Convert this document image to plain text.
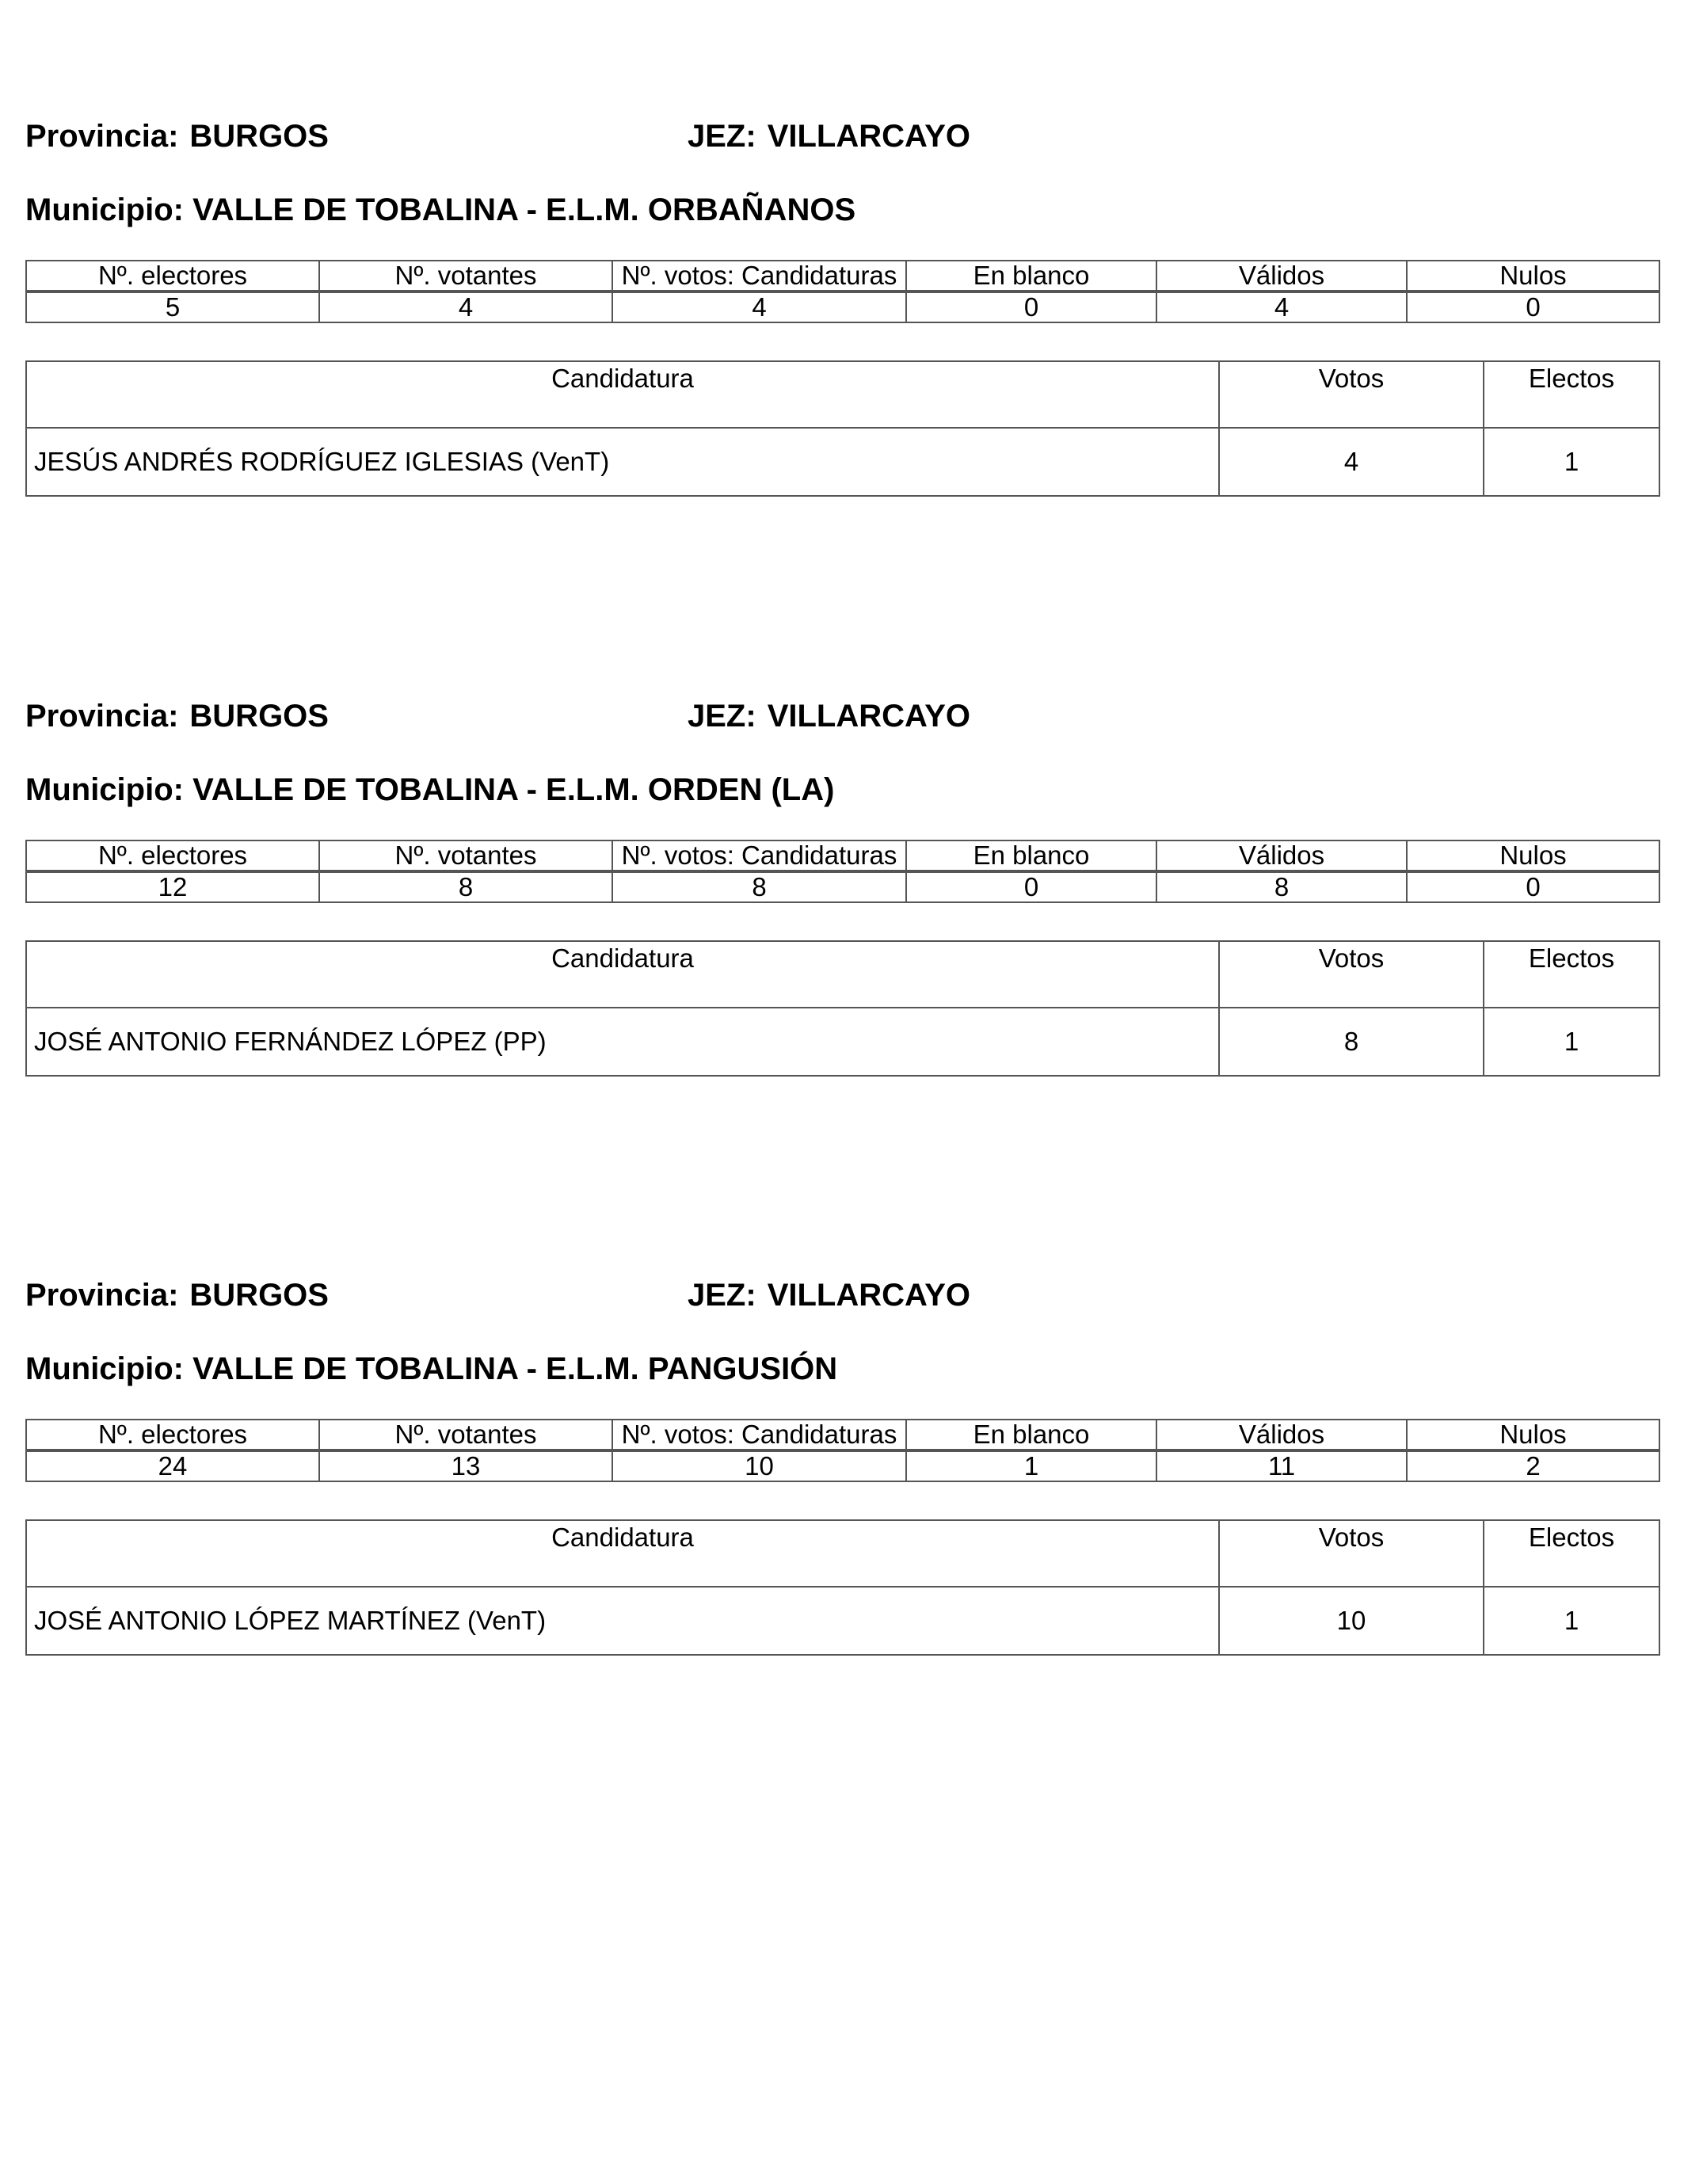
Provincia: BURGOS	JEZ: VILLARCAYO
Municipio: VALLE DE TOBALINA - E.L.M. ORBAÑANOS
Nº. electores	Nº. votantes	Nº. votos: Candidaturas	En blanco	Válidos	Nulos
5	4	4	0	4	0
Candidatura	Votos	Electos
JESÚS ANDRÉS RODRÍGUEZ IGLESIAS (VenT)	4	1
Provincia: BURGOS	JEZ: VILLARCAYO
Municipio: VALLE DE TOBALINA - E.L.M. ORDEN (LA)
Nº. electores	Nº. votantes	Nº. votos: Candidaturas	En blanco	Válidos	Nulos
12	8	8	0	8	0
Candidatura	Votos	Electos
JOSÉ ANTONIO FERNÁNDEZ LÓPEZ (PP)	8	1
Provincia: BURGOS	JEZ: VILLARCAYO
Municipio: VALLE DE TOBALINA - E.L.M. PANGUSIÓN
Nº. electores	Nº. votantes	Nº. votos: Candidaturas	En blanco	Válidos	Nulos
24	13	10	1	11	2
Candidatura	Votos	Electos
JOSÉ ANTONIO LÓPEZ MARTÍNEZ (VenT)	10	1
